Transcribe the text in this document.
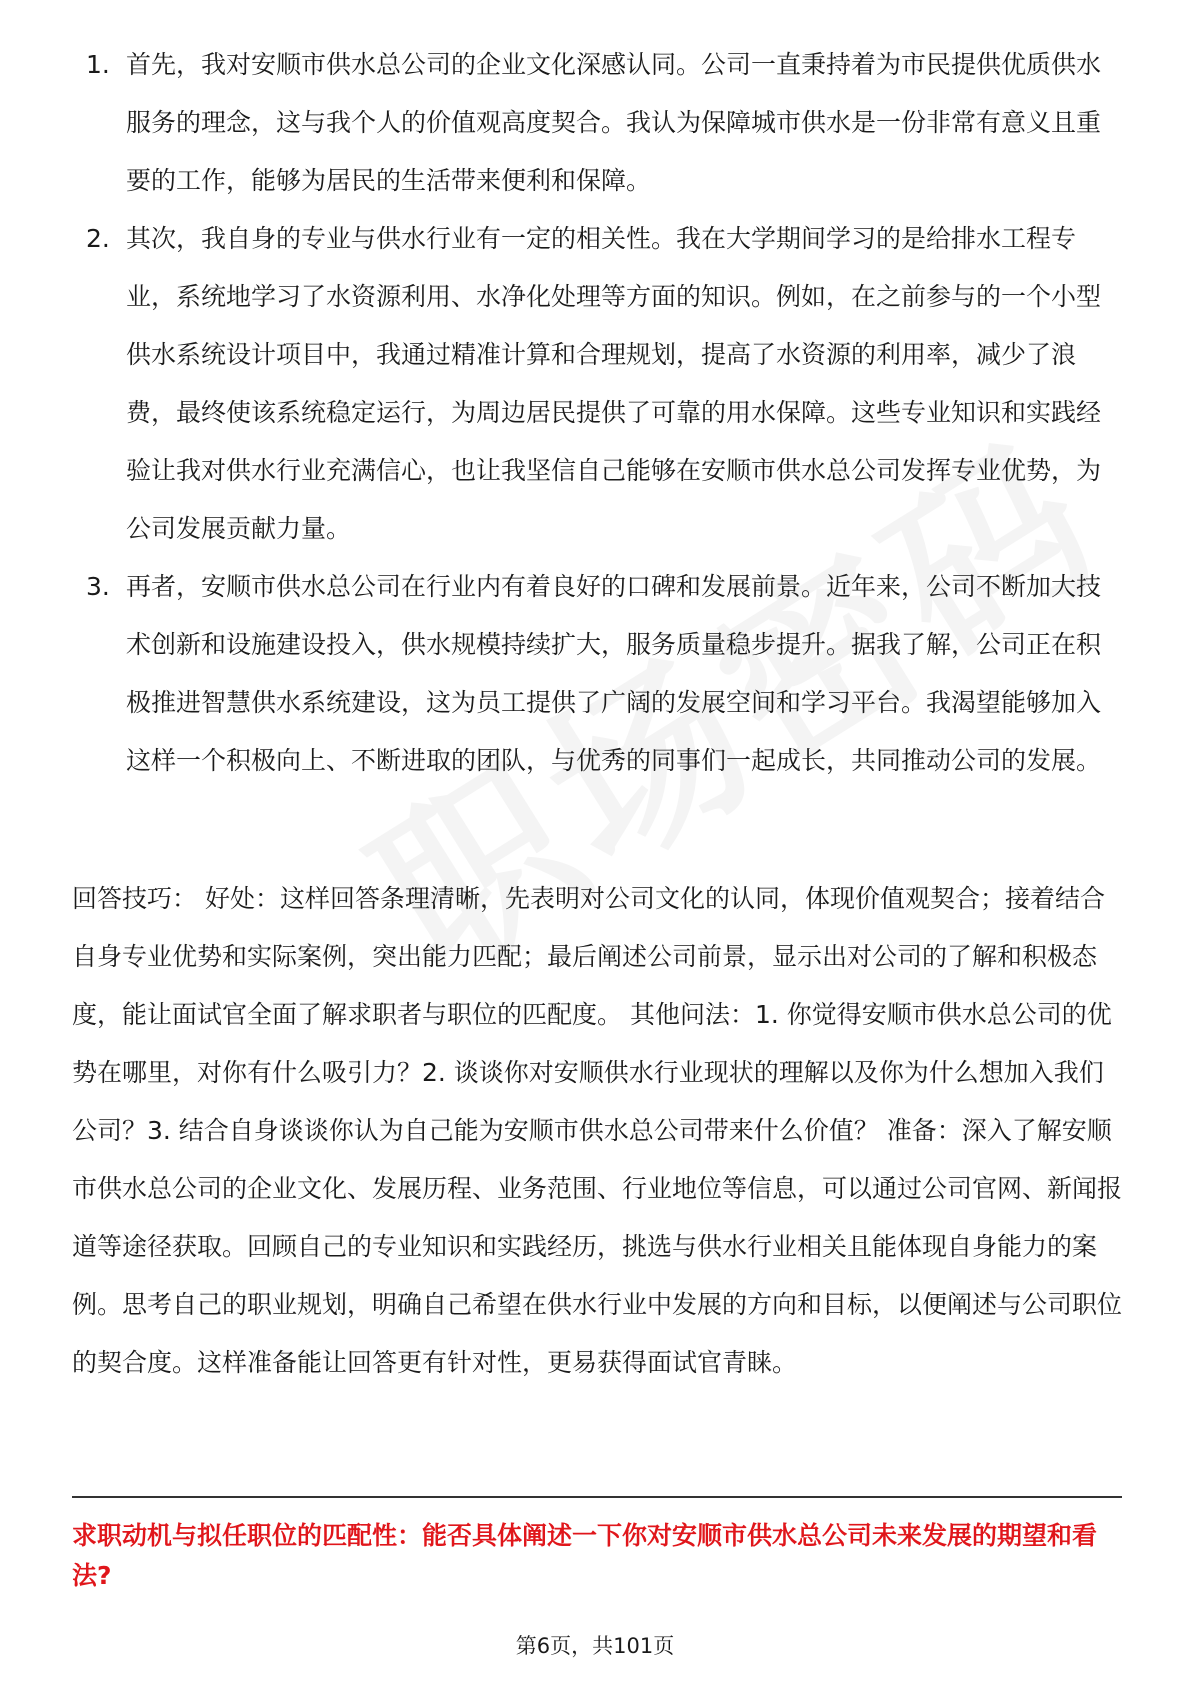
1. 首先，我对安顺市供水总公司的企业文化深感认同。公司一直秉持着为市民提供优质供水服务的理念，这与我个人的价值观高度契合。我认为保障城市供水是一份非常有意义且重要的工作，能够为居民的生活带来便利和保障。
2. 其次，我自身的专业与供水行业有一定的相关性。我在大学期间学习的是给排水工程专业，系统地学习了水资源利用、水净化处理等方面的知识。例如，在之前参与的一个小型供水系统设计项目中，我通过精准计算和合理规划，提高了水资源的利用率，减少了浪费，最终使该系统稳定运行，为周边居民提供了可靠的用水保障。这些专业知识和实践经验让我对供水行业充满信心，也让我坚信自己能够在安顺市供水总公司发挥专业优势，为公司发展贡献力量。
3. 再者，安顺市供水总公司在行业内有着良好的口碑和发展前景。近年来，公司不断加大技术创新和设施建设投入，供水规模持续扩大，服务质量稳步提升。据我了解，公司正在积极推进智慧供水系统建设，这为员工提供了广阔的发展空间和学习平台。我渴望能够加入这样一个积极向上、不断进取的团队，与优秀的同事们一起成长，共同推动公司的发展。

回答技巧： 好处：这样回答条理清晰，先表明对公司文化的认同，体现价值观契合；接着结合自身专业优势和实际案例，突出能力匹配；最后阐述公司前景，显示出对公司的了解和积极态度，能让面试官全面了解求职者与职位的匹配度。 其他问法：1. 你觉得安顺市供水总公司的优势在哪里，对你有什么吸引力？2. 谈谈你对安顺供水行业现状的理解以及你为什么想加入我们公司？3. 结合自身谈谈你认为自己能为安顺市供水总公司带来什么价值？ 准备：深入了解安顺市供水总公司的企业文化、发展历程、业务范围、行业地位等信息，可以通过公司官网、新闻报道等途径获取。回顾自己的专业知识和实践经历，挑选与供水行业相关且能体现自身能力的案例。思考自己的职业规划，明确自己希望在供水行业中发展的方向和目标，以便阐述与公司职位的契合度。这样准备能让回答更有针对性，更易获得面试官青睐。

求职动机与拟任职位的匹配性：能否具体阐述一下你对安顺市供水总公司未来发展的期望和看法?

第6页，共101页
